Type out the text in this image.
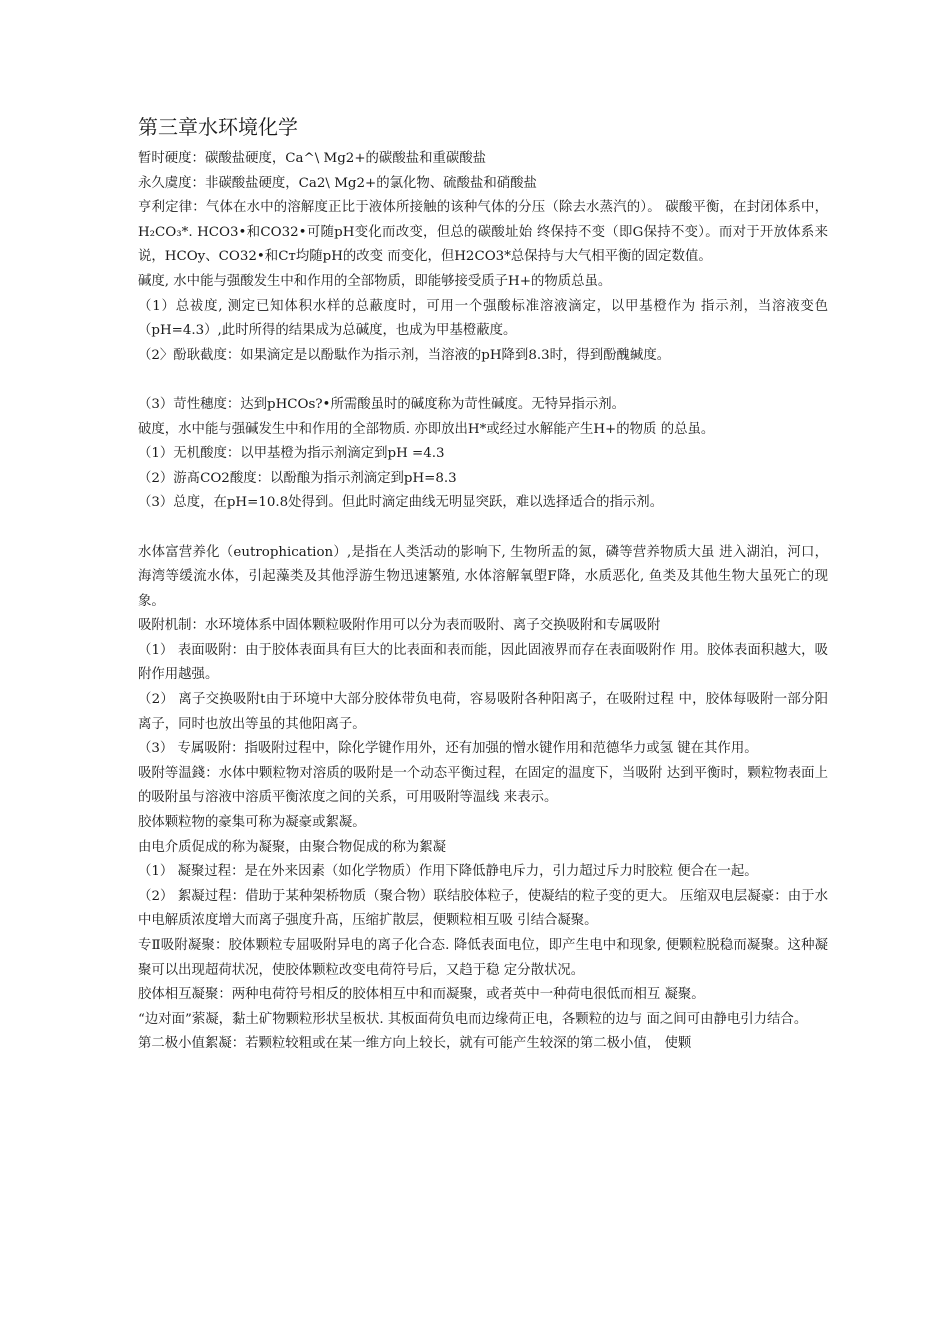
第三章水环境化学

暂时硬度：碳酸盐硬度，Ca^\ Mg2+的碳酸盐和重碳酸盐

永久虞度：非碳酸盐硬度，Ca2\ Mg2+的氯化物、硫酸盐和硝酸盐

亨利定律：气体在水中的溶解度正比于液体所接触的该种气体的分压（除去水蒸汽的）。 碳酸平衡，在封闭体系中，H₂CO₃*. HCO3•和CO32•可随pH变化而改变，但总的碳酸址始 终保持不变（即G保持不变）。而对于开放体系来说，HCOy、CO32•和Cт均随pH的改变 而变化，但H2CO3*总保持与大气相平衡的固定数值。

碱度, 水中能与强酸发生中和作用的全部物质，即能够接受质子H+的物质总虽。

（1）总祓度, 测定已知体积水样的总蔽度时，可用一个强酸标准溶液滴定，以甲基橙作为 指示剂，当溶液变色（pH=4.3）,此时所得的结果成为总碱度，也成为甲基橙蔽度。

（2〉酚耿截度：如果滴定是以酚駄作为指示剂，当溶液的pH降到8.3时，得到酚醜緘度。

（3）苛性穗度：达到pHCOs?•所需酸虽时的碱度称为苛性碱度。无特异指示剂。

破度，水中能与强碱发生中和作用的全部物质. 亦即放出H*或经过水解能产生H+的物质 的总虽。

（1）无机酸度：以甲基橙为指示剂滴定到pH =4.3

（2）游髙CO2酸度：以酚酿为指示剂滴定到pH=8.3

（3）总度，在pH=10.8处得到。但此时滴定曲线无明显突跃，难以选择适合的指示剂。

水体富营养化（eutrophication）,是指在人类活动的影响下, 生物所盂的氮，磷等营养物质大虽 进入湖泊，河口，海湾等缓流水体，引起藻类及其他浮游生物迅速繁殖, 水体溶解氧塱F降，水质恶化, 鱼类及其他生物大虽死亡的现象。

吸附机制：水环境体系中固体颗粒吸附作用可以分为表而吸附、离子交换吸附和专属吸附

（1） 表面吸附：由于胶体表面具有巨大的比表面和表而能，因此固液界而存在表面吸附作 用。胶体表面积越大，吸附作用越强。

（2） 离子交换吸附t由于环境中大部分胶体带负电荷，容易吸附各种阳离子，在吸附过程 中，胶体每吸附一部分阳离子，同时也放出等虽的其他阳离子。

（3） 专属吸附：指吸附过程中，除化学键作用外，还有加强的憎水键作用和范德华力或氢 键在其作用。

吸附等温錢：水体中颗粒物对溶质的吸附是一个动态平衡过程，在固定的温度下，当吸附 达到平衡时，颗粒物表面上的吸附虽与溶液中溶质平衡浓度之间的关系，可用吸附等温线 来表示。

胶体颗粒物的豪集可称为凝豪或絮凝。

由电介质促成的称为凝聚，由聚合物促成的称为絮凝

（1） 凝聚过程：是在外来因素（如化学物质）作用下降低静电斥力，引力超过斥力时胶粒 便合在一起。

（2） 絮凝过程：借助于某种架桥物质（聚合物）联结胶体粒子，使凝结的粒子变的更大。 压缩双电层凝豪：由于水中电解质浓度增大而离子强度升髙，压缩扩散层，便颗粒相互吸 引结合凝聚。

专Ⅱ吸附凝聚：胶体颗粒专屈吸附异电的离子化合态. 降低表面电位，即产生电中和现象, 便颗粒脱稳而凝聚。这种凝聚可以出现超荷状况，使胶体颗粒改变电荷符号后，又趋于稳 定分散状况。

胶体相互凝聚：两种电荷符号相反的胶体相互中和而凝聚，或者英中一种荷电很低而相互 凝聚。

“边对面”萦凝，黏土矿物颗粒形状呈板状. 其板面荷负电而边缘荷正电，各颗粒的边与 面之间可由静电引力结合。

第二极小值絮凝：若颗粒较粗或在某一维方向上较长，就有可能产生较深的第二极小值， 使颗
